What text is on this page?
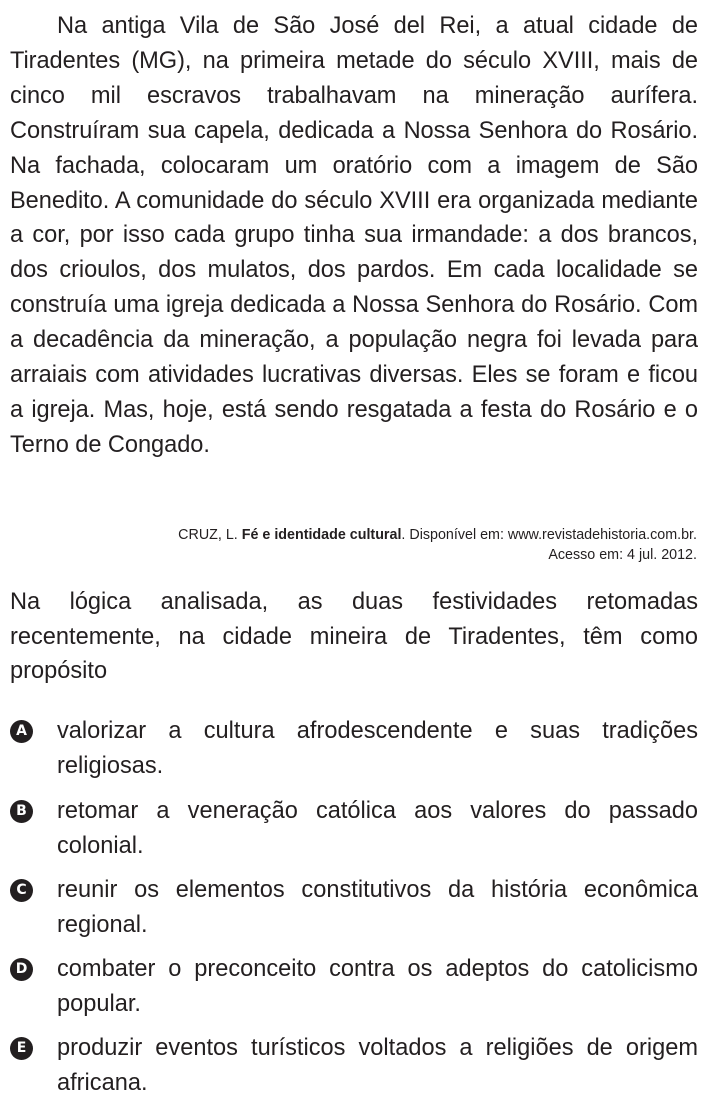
Na antiga Vila de São José del Rei, a atual cidade de Tiradentes (MG), na primeira metade do século XVIII, mais de cinco mil escravos trabalhavam na mineração aurífera. Construíram sua capela, dedicada a Nossa Senhora do Rosário. Na fachada, colocaram um oratório com a imagem de São Benedito. A comunidade do século XVIII era organizada mediante a cor, por isso cada grupo tinha sua irmandade: a dos brancos, dos crioulos, dos mulatos, dos pardos. Em cada localidade se construía uma igreja dedicada a Nossa Senhora do Rosário. Com a decadência da mineração, a população negra foi levada para arraiais com atividades lucrativas diversas. Eles se foram e ficou a igreja. Mas, hoje, está sendo resgatada a festa do Rosário e o Terno de Congado.

CRUZ, L. Fé e identidade cultural. Disponível em: www.revistadehistoria.com.br.
Acesso em: 4 jul. 2012.

Na lógica analisada, as duas festividades retomadas recentemente, na cidade mineira de Tiradentes, têm como propósito

A valorizar a cultura afrodescendente e suas tradições religiosas.
B retomar a veneração católica aos valores do passado colonial.
C reunir os elementos constitutivos da história econômica regional.
D combater o preconceito contra os adeptos do catolicismo popular.
E produzir eventos turísticos voltados a religiões de origem africana.
